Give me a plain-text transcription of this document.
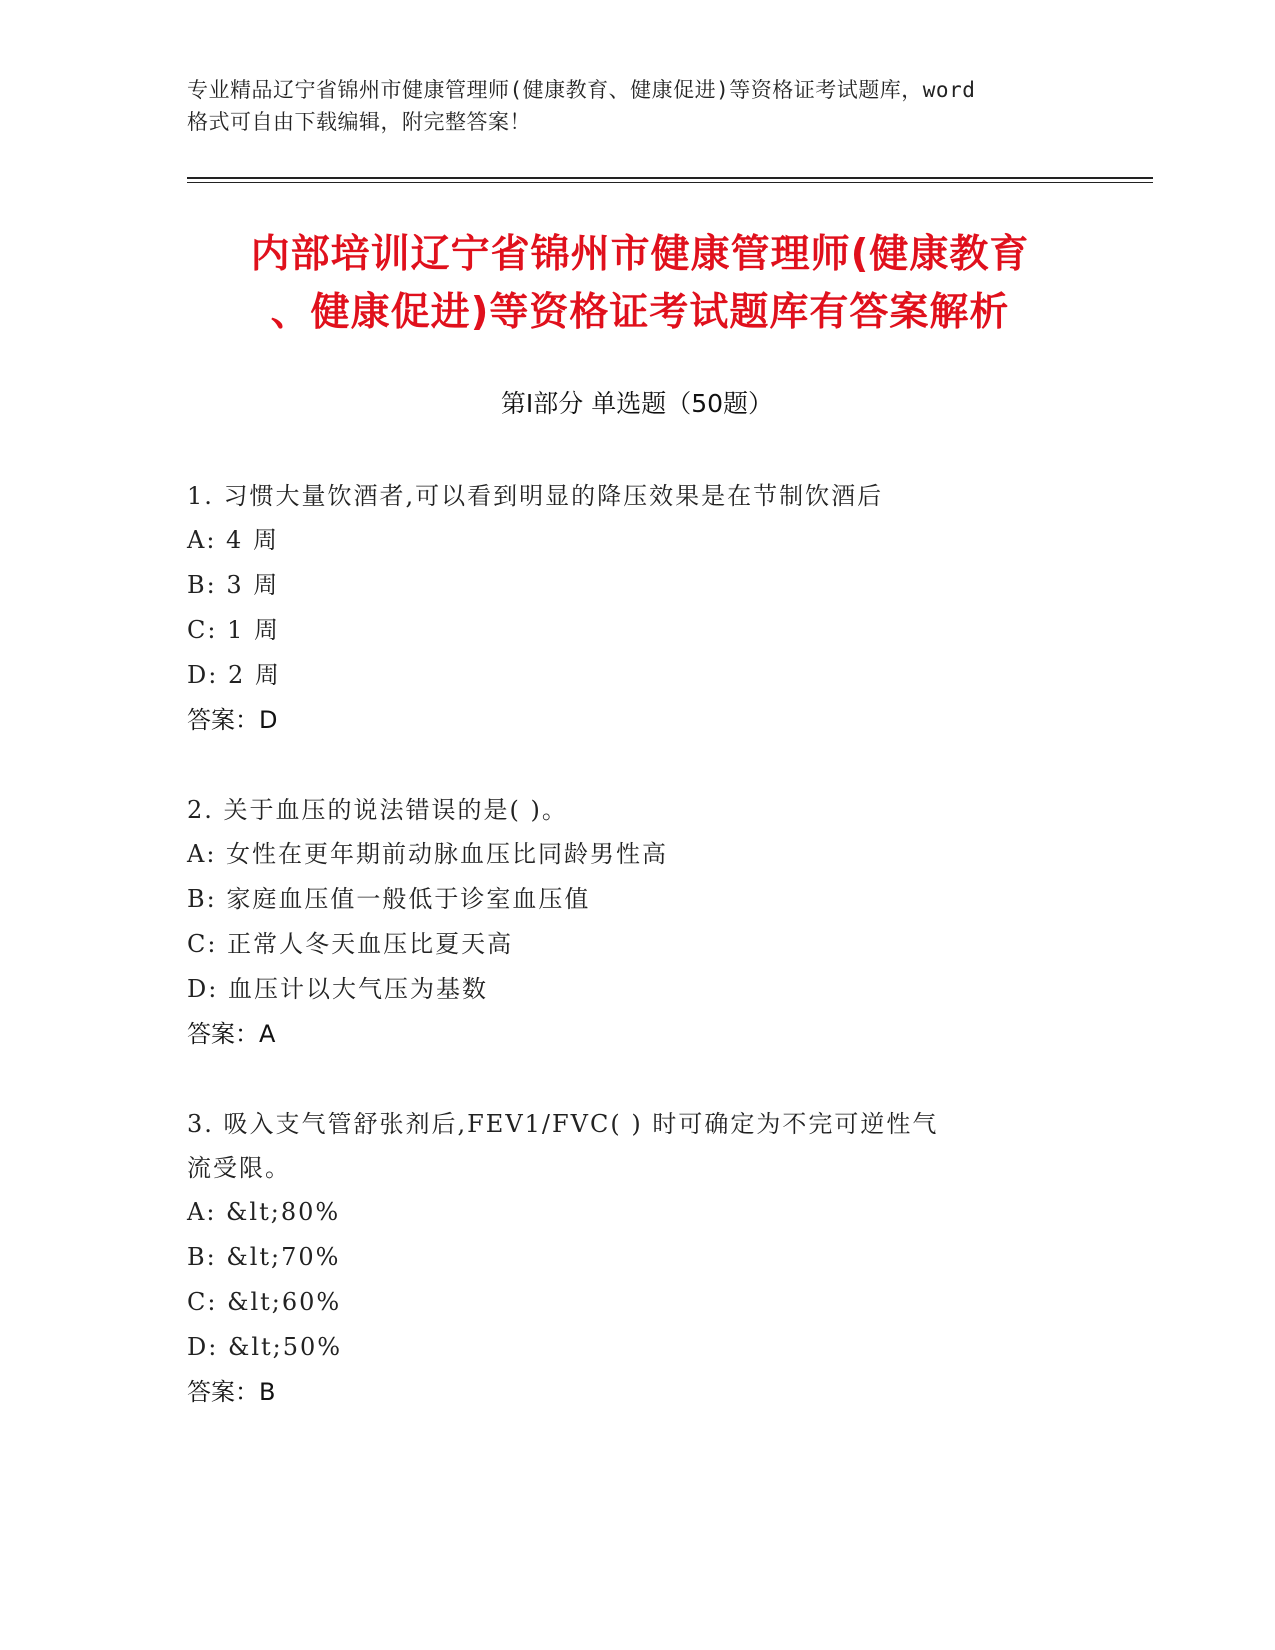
专业精品辽宁省锦州市健康管理师(健康教育、健康促进)等资格证考试题库，word
格式可自由下载编辑，附完整答案！
内部培训辽宁省锦州市健康管理师(健康教育
、健康促进)等资格证考试题库有答案解析
第Ⅰ部分 单选题（50题）

1. 习惯大量饮酒者,可以看到明显的降压效果是在节制饮酒后

A: 4 周

B: 3 周

C: 1 周

D: 2 周

答案：D

2. 关于血压的说法错误的是( )。

A: 女性在更年期前动脉血压比同龄男性高

B: 家庭血压值一般低于诊室血压值

C: 正常人冬天血压比夏天高

D: 血压计以大气压为基数

答案：A

3. 吸入支气管舒张剂后,FEV1/FVC( ) 时可确定为不完可逆性气

流受限。

A: &lt;80%

B: &lt;70%

C: &lt;60%

D: &lt;50%

答案：B
